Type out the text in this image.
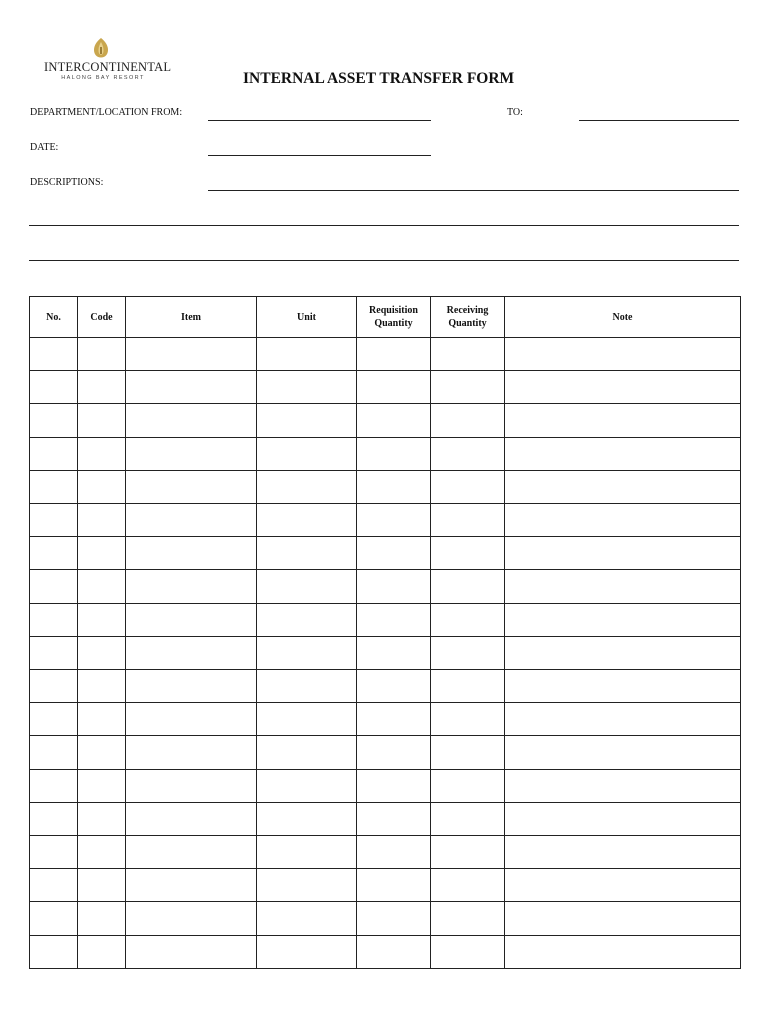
INTERCONTINENTAL
HALONG BAY RESORT	INTERNAL ASSET TRANSFER FORM
DEPARTMENT/LOCATION FROM:	TO:
DATE:
DESCRIPTIONS:
No.	Code	Item	Unit	Requisition Quantity	Receiving Quantity	Note
